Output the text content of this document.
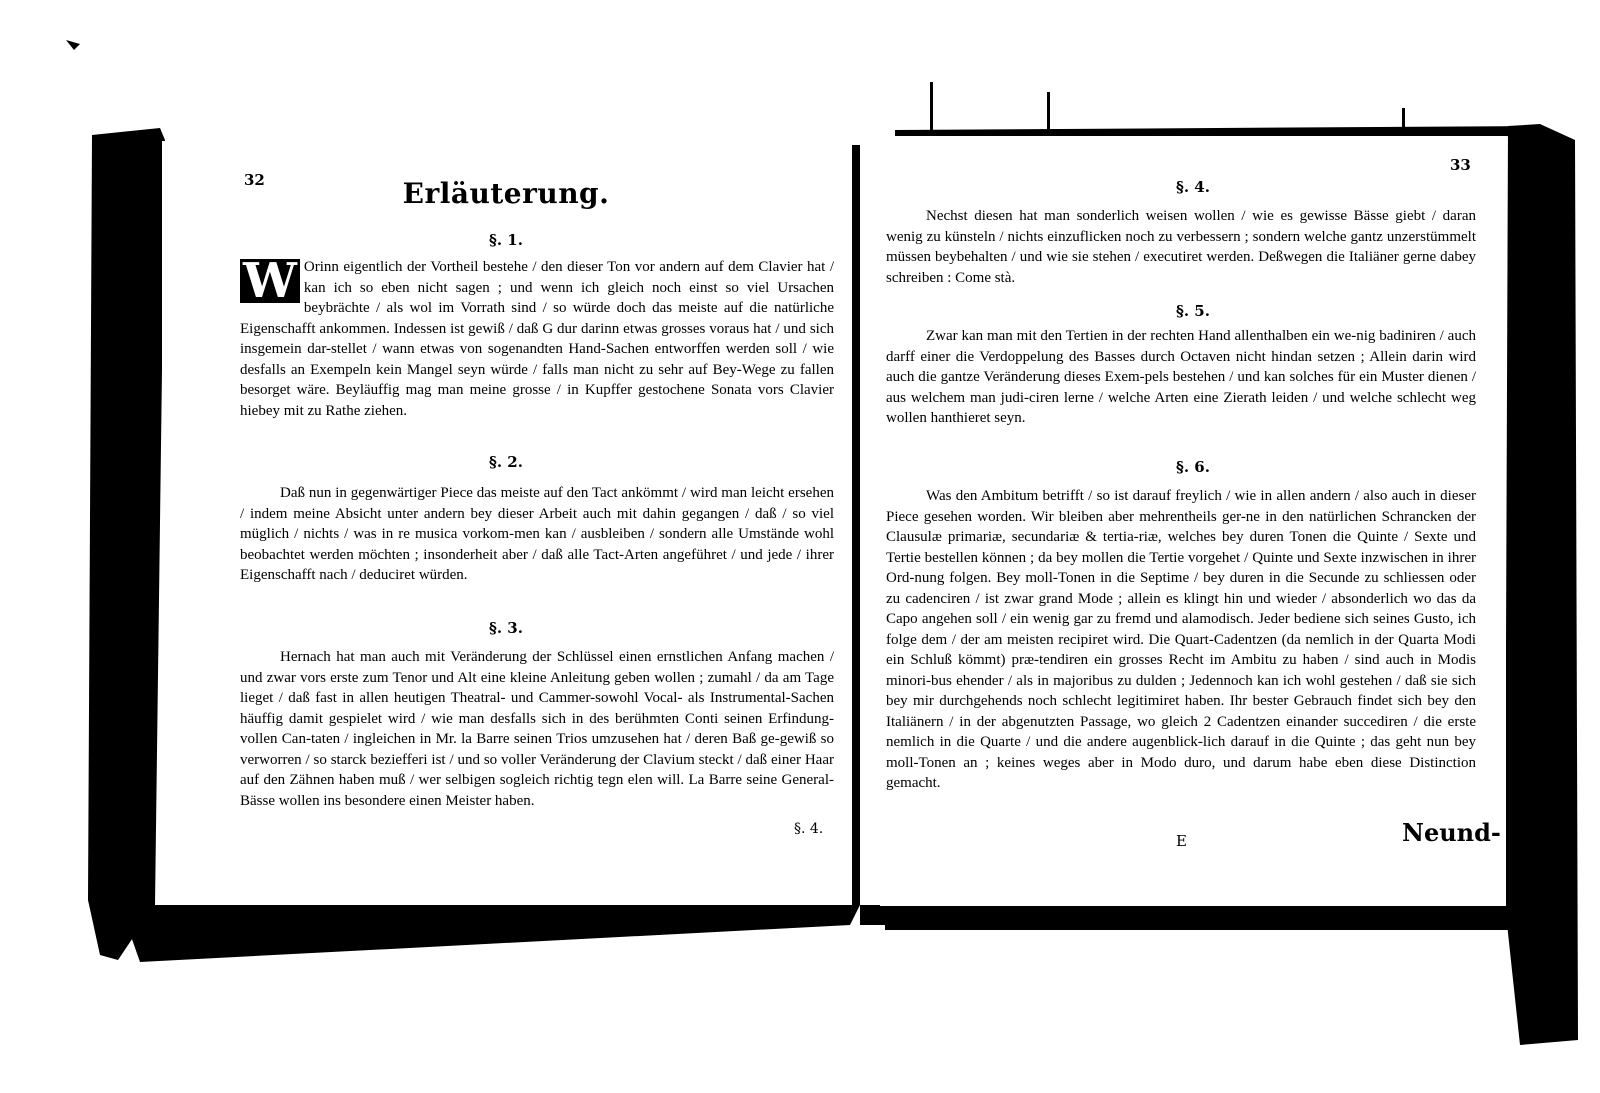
32	Erläuterung.
§. 1.

W Orinn eigentlich der Vortheil bestehe / den dieser Ton vor andern auf dem Clavier hat / kan ich so eben nicht sagen ; und wenn ich gleich noch einst so viel Ursachen beybrächte / als wol im Vorrath sind / so würde doch das meiste auf die natürliche Eigenschafft ankommen. Indessen ist gewiß / daß G dur darinn etwas grosses voraus hat / und sich insgemein dar-stellet / wann etwas von sogenandten Hand-Sachen entworffen werden soll / wie desfalls an Exempeln kein Mangel seyn würde / falls man nicht zu sehr auf Bey-Wege zu fallen besorget wäre. Beyläuffig mag man meine grosse / in Kupffer gestochene Sonata vors Clavier hiebey mit zu Rathe ziehen.

§. 2.

Daß nun in gegenwärtiger Piece das meiste auf den Tact ankömmt / wird man leicht ersehen / indem meine Absicht unter andern bey dieser Arbeit auch mit dahin gegangen / daß / so viel müglich / nichts / was in re musica vorkom-men kan / ausbleiben / sondern alle Umstände wohl beobachtet werden möchten ; insonderheit aber / daß alle Tact-Arten angeführet / und jede / ihrer Eigenschafft nach / deduciret würden.

§. 3.

Hernach hat man auch mit Veränderung der Schlüssel einen ernstlichen Anfang machen / und zwar vors erste zum Tenor und Alt eine kleine Anleitung geben wollen ; zumahl / da am Tage lieget / daß fast in allen heutigen Theatral- und Cammer-sowohl Vocal- als Instrumental-Sachen häuffig damit gespielet wird / wie man desfalls sich in des berühmten Conti seinen Erfindung-vollen Can-taten / ingleichen in Mr. la Barre seinen Trios umzusehen hat / deren Baß ge-gewiß so verworren / so starck beziefferi ist / und so voller Veränderung der Clavium steckt / daß einer Haar auf den Zähnen haben muß / wer selbigen sogleich richtig tegn elen will. La Barre seine General-Bässe wollen ins besondere einen Meister haben.

§. 4.
33
§. 4.

Nechst diesen hat man sonderlich weisen wollen / wie es gewisse Bässe giebt / daran wenig zu künsteln / nichts einzuflicken noch zu verbessern ; sondern welche gantz unzerstümmelt müssen beybehalten / und wie sie stehen / executiret werden. Deßwegen die Italiäner gerne dabey schreiben : Come stà.

§. 5.

Zwar kan man mit den Tertien in der rechten Hand allenthalben ein we-nig badiniren / auch darff einer die Verdoppelung des Basses durch Octaven nicht hindan setzen ; Allein darin wird auch die gantze Veränderung dieses Exem-pels bestehen / und kan solches für ein Muster dienen / aus welchem man judi-ciren lerne / welche Arten eine Zierath leiden / und welche schlecht weg wollen hanthieret seyn.

§. 6.

Was den Ambitum betrifft / so ist darauf freylich / wie in allen andern / also auch in dieser Piece gesehen worden. Wir bleiben aber mehrentheils ger-ne in den natürlichen Schrancken der Clausulæ primariæ, secundariæ & tertia-riæ, welches bey duren Tonen die Quinte / Sexte und Tertie bestellen können ; da bey mollen die Tertie vorgehet / Quinte und Sexte inzwischen in ihrer Ord-nung folgen. Bey moll-Tonen in die Septime / bey duren in die Secunde zu schliessen oder zu cadenciren / ist zwar grand Mode ; allein es klingt hin und wieder / absonderlich wo das da Capo angehen soll / ein wenig gar zu fremd und alamodisch. Jeder bediene sich seines Gusto, ich folge dem / der am meisten recipiret wird. Die Quart-Cadentzen (da nemlich in der Quarta Modi ein Schluß kömmt) præ-tendiren ein grosses Recht im Ambitu zu haben / sind auch in Modis minori-bus ehender / als in majoribus zu dulden ; Jedennoch kan ich wohl gestehen / daß sie sich bey mir durchgehends noch schlecht legitimiret haben. Ihr bester Gebrauch findet sich bey den Italiänern / in der abgenutzten Passage, wo gleich 2 Cadentzen einander succediren / die erste nemlich in die Quarte / und die andere augenblick-lich darauf in die Quinte ; das geht nun bey moll-Tonen an ; keines weges aber in Modo duro, und darum habe eben diese Distinction gemacht.

E	Neund-
